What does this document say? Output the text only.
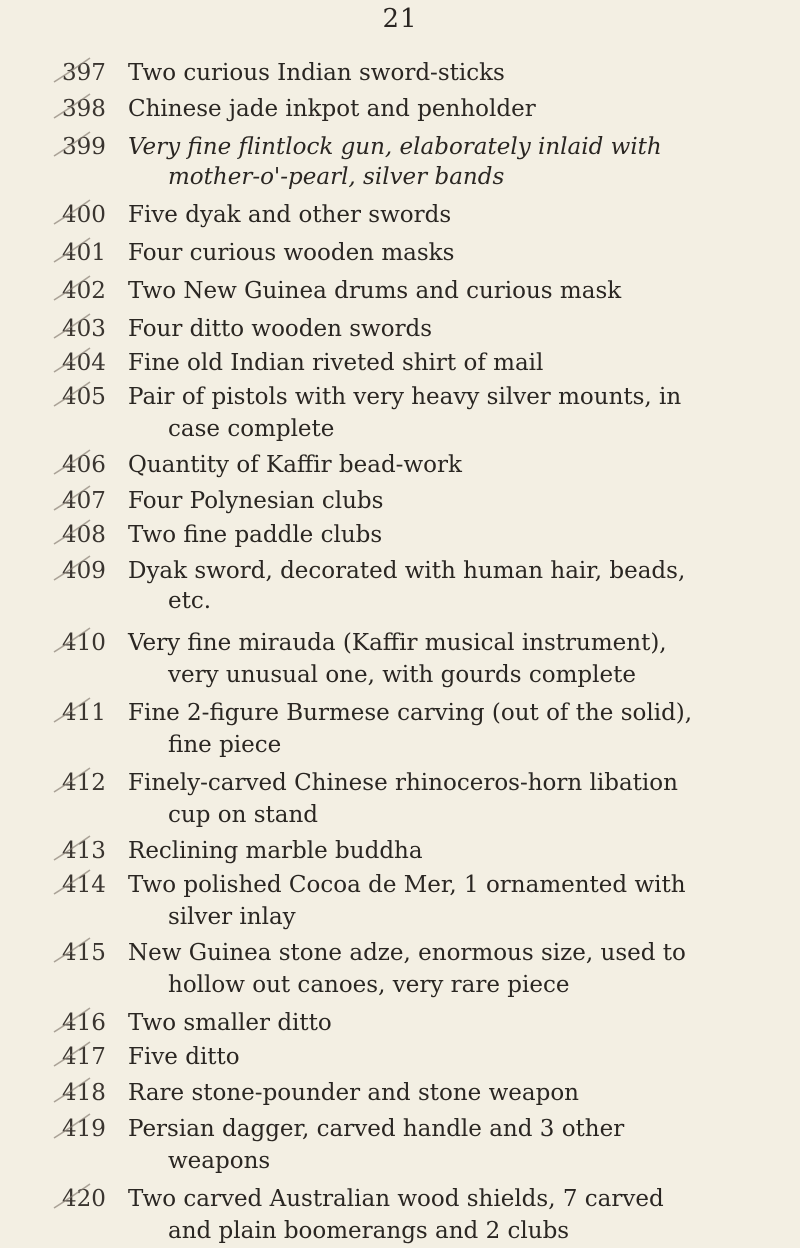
21
397 Two curious Indian sword-sticks
398 Chinese jade inkpot and penholder
399 Very fine flintlock gun, elaborately inlaid with
mother-o'-pearl, silver bands
400 Five dyak and other swords
401 Four curious wooden masks
402 Two New Guinea drums and curious mask
403 Four ditto wooden swords
404 Fine old Indian riveted shirt of mail
405 Pair of pistols with very heavy silver mounts, in
case complete
406 Quantity of Kaffir bead-work
407 Four Polynesian clubs
408 Two fine paddle clubs
409 Dyak sword, decorated with human hair, beads,
etc.
410 Very fine mirauda (Kaffir musical instrument),
very unusual one, with gourds complete
411 Fine 2-figure Burmese carving (out of the solid),
fine piece
412 Finely-carved Chinese rhinoceros-horn libation
cup on stand
413 Reclining marble buddha
414 Two polished Cocoa de Mer, 1 ornamented with
silver inlay
415 New Guinea stone adze, enormous size, used to
hollow out canoes, very rare piece
416 Two smaller ditto
417 Five ditto
418 Rare stone-pounder and stone weapon
419 Persian dagger, carved handle and 3 other
weapons
420 Two carved Australian wood shields, 7 carved
and plain boomerangs and 2 clubs
